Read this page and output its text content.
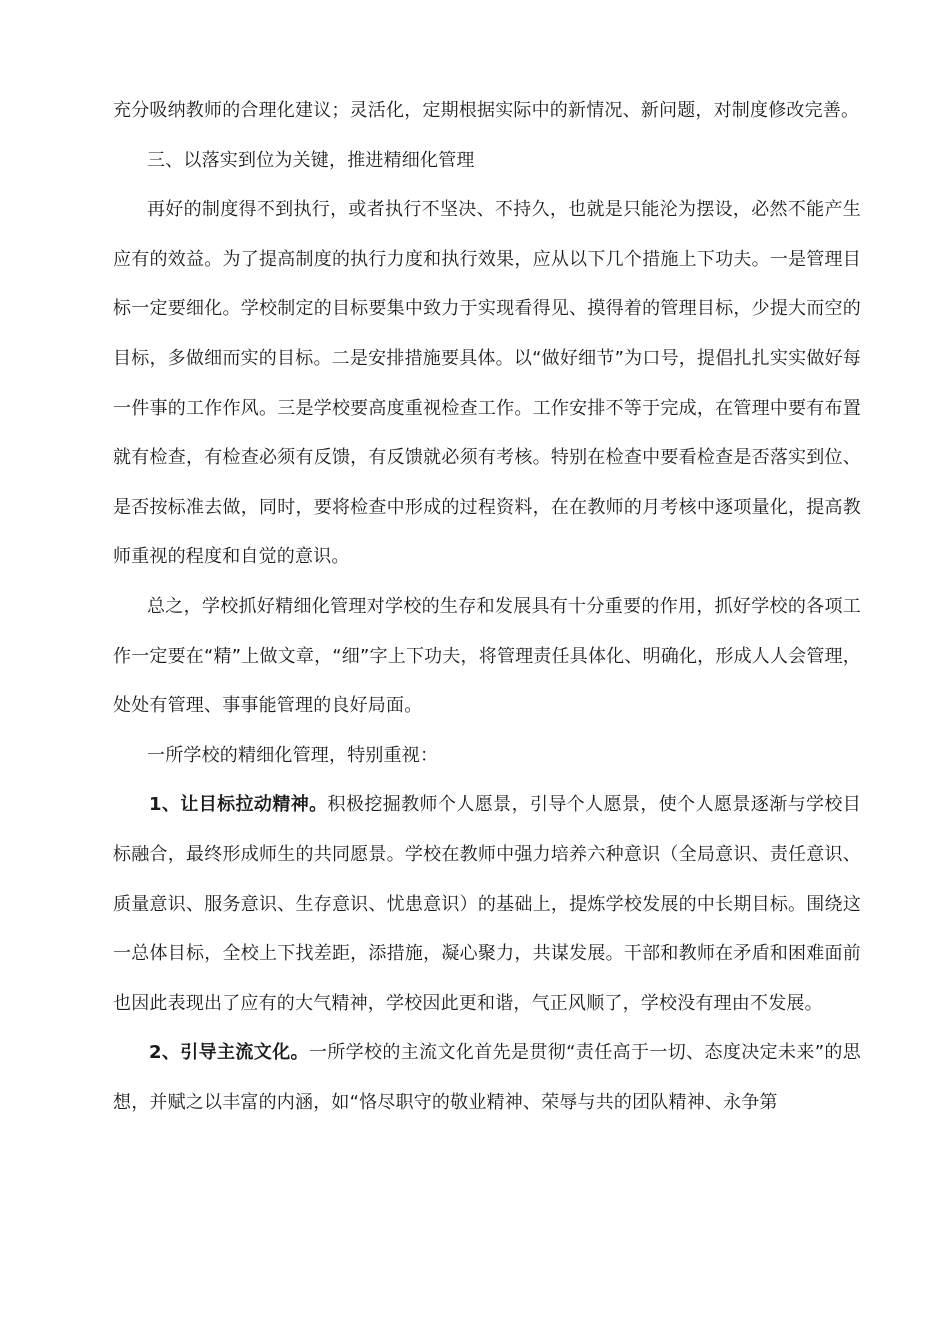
充分吸纳教师的合理化建议；灵活化，定期根据实际中的新情况、新问题，对制度修改完善。

三、以落实到位为关键，推进精细化管理

再好的制度得不到执行，或者执行不坚决、不持久，也就是只能沦为摆设，必然不能产生应有的效益。为了提高制度的执行力度和执行效果，应从以下几个措施上下功夫。一是管理目标一定要细化。学校制定的目标要集中致力于实现看得见、摸得着的管理目标，少提大而空的目标，多做细而实的目标。二是安排措施要具体。以“做好细节”为口号，提倡扎扎实实做好每一件事的工作作风。三是学校要高度重视检查工作。工作安排不等于完成，在管理中要有布置就有检查，有检查必须有反馈，有反馈就必须有考核。特别在检查中要看检查是否落实到位、是否按标准去做，同时，要将检查中形成的过程资料，在在教师的月考核中逐项量化，提高教师重视的程度和自觉的意识。

总之，学校抓好精细化管理对学校的生存和发展具有十分重要的作用，抓好学校的各项工作一定要在“精”上做文章，“细”字上下功夫，将管理责任具体化、明确化，形成人人会管理，处处有管理、事事能管理的良好局面。

一所学校的精细化管理，特别重视：

1、让目标拉动精神。积极挖掘教师个人愿景，引导个人愿景，使个人愿景逐渐与学校目标融合，最终形成师生的共同愿景。学校在教师中强力培养六种意识（全局意识、责任意识、质量意识、服务意识、生存意识、忧患意识）的基础上，提炼学校发展的中长期目标。围绕这一总体目标，全校上下找差距，添措施，凝心聚力，共谋发展。干部和教师在矛盾和困难面前也因此表现出了应有的大气精神，学校因此更和谐，气正风顺了，学校没有理由不发展。

2、引导主流文化。一所学校的主流文化首先是贯彻“责任高于一切、态度决定未来”的思想，并赋之以丰富的内涵，如“恪尽职守的敬业精神、荣辱与共的团队精神、永争第
